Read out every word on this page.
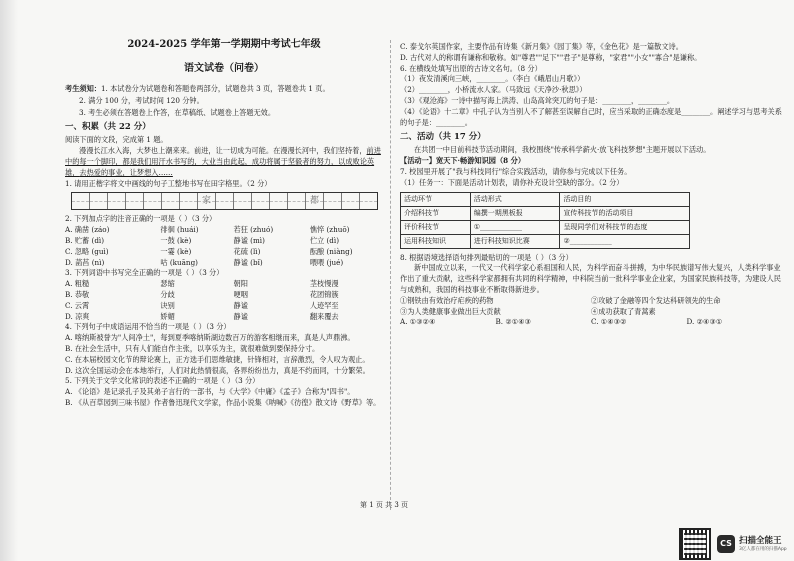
2024-2025 学年第一学期期中考试七年级
语文试卷（问卷）
考生须知：1. 本试卷分为试题卷和答题卷两部分，试题卷共 3 页，答题卷共 1 页。
2. 满分 100 分，考试时间 120 分钟。
3. 考生必须在答题卷上作答，在草稿纸、试题卷上答题无效。
一、积累（共 22 分）

阅读下面的文段，完成第 1 题。

漫漫长江水入海，大梦也上潮来来。前进，让一切成为可能。在漫漫长河中，我们坚持着，前进中的每一个脚印，都是我们用汗水书写的，大业当由此起，成功将属于坚毅者的努力，以成败论英雄，去热爱的事业，让梦想入……

1. 请用正楷字将文中画线的句子工整地书写在田字格里。（2 分）

家	都

2. 下列加点字的注音正确的一项是（ ）（3 分）

A. 确凿 (záo)	徘徊 (huái)	若狂 (zhuó)	憔悴 (zhuō)
B. 贮蓄 (dì)	一鼓 (kè)	静谧 (mì)	伫立 (dì)
C. 忽略 (guì)	一霎 (kè)	花硫 (lì)	酝酿 (niàng)
D. 菡萏 (nì)	咕 (kuāng)	静谧 (bǐ)	喂喂 (jué)

3. 下列词语中书写完全正确的一项是（ ）（3 分）

A. 粗糙	瑟缩	朝阳	茎枝慢漫
B. 恭敬	分歧	哽咽	花团锦簇
C. 云霄	诀别	静谧	人迹罕至
D. 凉爽	娇媚	静谧	翻来覆去

4. 下列句子中成语运用不恰当的一项是（ ）（3 分）

A. 喀纳斯被誉为"人间净土"，每到夏季喀纳斯湖边数百万的游客相继而来，真是人声鼎沸。

B. 在社会生活中，只有人们能自作主张，以享乐为主，就很难做到要保持分寸。

C. 在本届校园文化节的辩论赛上，正方选手们思维敏捷，针锋相对，言辞激烈，令人叹为观止。

D. 这次全国运动会在本地举行，人们对此热情很高，各界纷纷出力，真是不约而同，十分繁荣。

5. 下列关于文学文化常识的表述不正确的一项是（ ）（3 分）

A. 《论语》是记录孔子及其弟子言行的一部书，与《大学》《中庸》《孟子》合称为"四书"。

B. 《从百草园到三味书屋》作者鲁迅现代文学家，作品小说集《呐喊》《彷徨》散文诗《野草》等。

C. 泰戈尔英国作家，主要作品有诗集《新月集》《园丁集》等，《金色花》是一篇散文诗。

D. 古代对人的称谓有谦称和敬称。如"尊君""足下""君子"是尊称，"家君""小女""寡合"是谦称。

6. 在横线处填写出原的古诗文名句。（8 分）

（1）夜发清溪向三峡，________。（李白《峨眉山月歌》）

（2）________，小桥流水人家。（马致远《天净沙·秋思》）

（3）《观沧海》一诗中描写海上洪涛、山岛高耸突兀的句子是：________，________。

（4）《论语》十二章》中孔子认为当别人不了解甚至误解自己时，应当采取的正确态度是________。阐述学习与思考关系的句子是：________。

二、活动（共 17 分）

在共团一中目前科技节活动期间，我校围绕"传承科学薪火·放飞科技梦想"主题开展以下活动。

【活动一】宽天下·畅游知识园（8 分）

7. 校园里开展了"我与科技同行"综合实践活动，请你参与完成以下任务。

（1）任务一：下面是活动计划表，请你补充设计空缺的部分。（2 分）

活动环节	活动形式	活动目的
介绍科技节	编撰一期黑板报	宣传科技节的活动项目
评价科技节	①____________	呈现同学们对科技节的态度
运用科技知识	进行科技知识比赛	②____________

8. 根据语境选择语句排列最贴切的一项是（ ）（3 分）

新中国成立以来，一代又一代科学家心系祖国和人民，为科学而奋斗拼搏，为中华民族谱写伟大复兴，人类科学事业作出了重大贡献，这些科学家都拥有共同的科学精神，中科院当前一批科学事业企业家，为国家民族科技等，为建设人民与成熟和，我国的科技事业不断取得新进步。

①钢铁由有效治疗疟疾的药物	②攻破了金融等四个发达科研领先的生命
③为人类健康事业做出巨大贡献	④成功获取了青蒿素
A. ①③②④	B. ②①④③	C. ①④③②	D. ②④③①
第 1 页 共 3 页
CS 扫描全能王
3亿人都在用的扫描App
